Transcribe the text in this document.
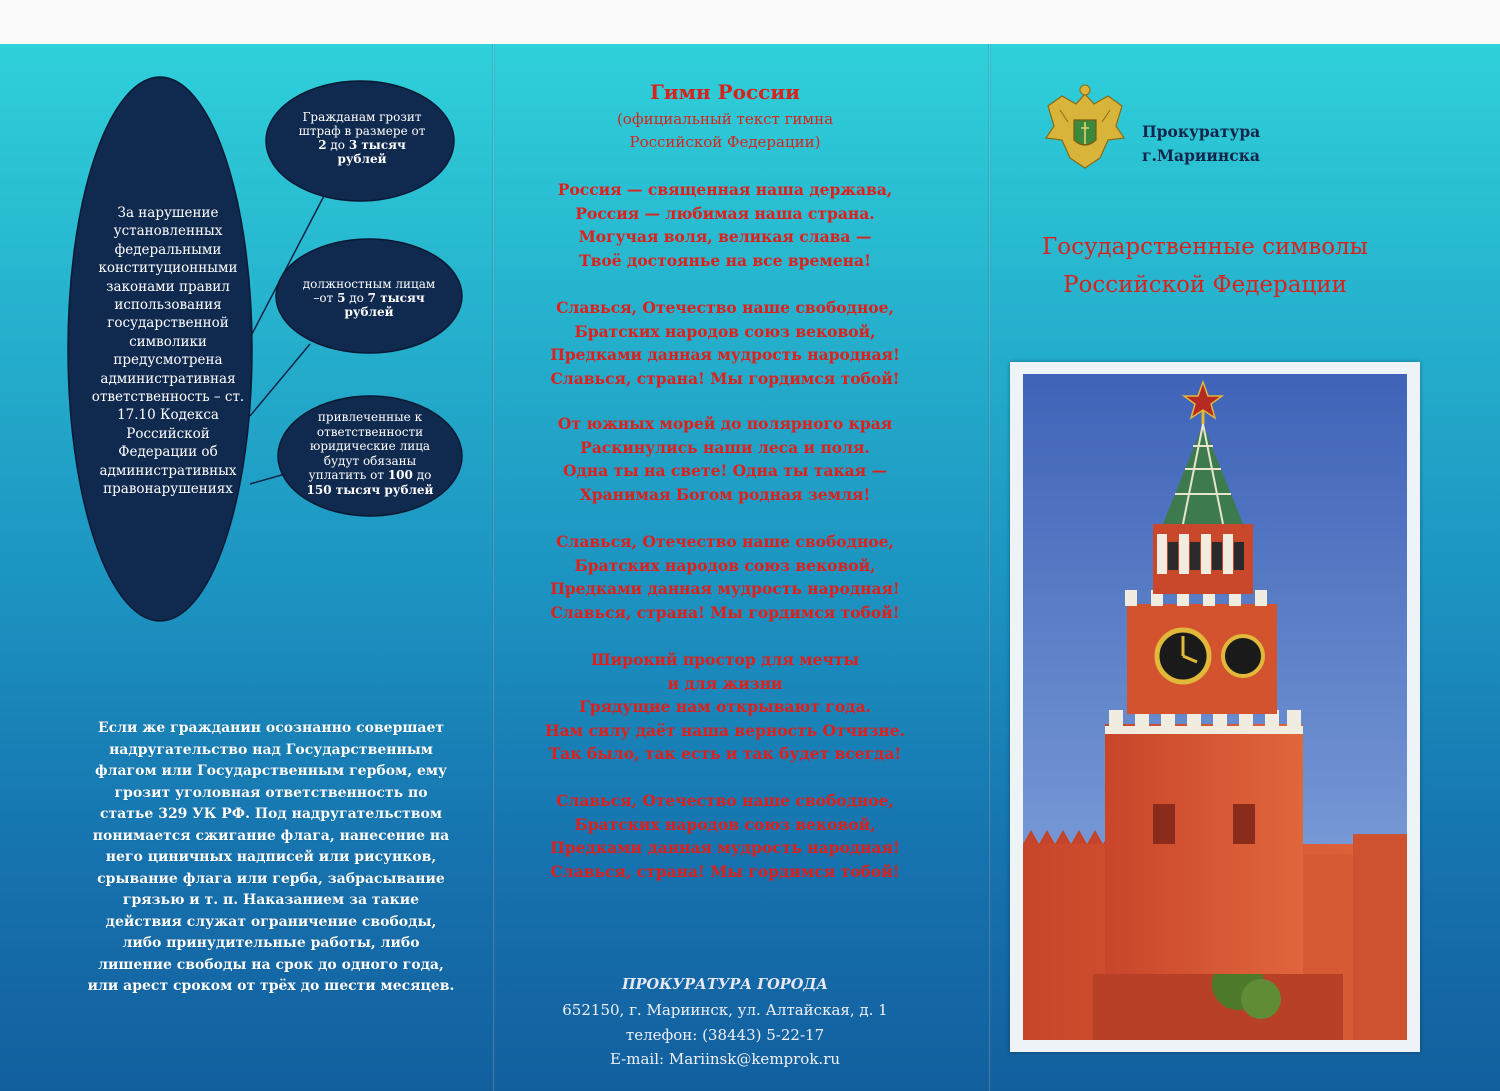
За нарушение установленных федеральными конституционными законами правил использования государственной символики предусмотрена административная ответственность – ст. 17.10 Кодекса Российской Федерации об административных правонарушениях
Гражданам грозит штраф в размере от 2 до 3 тысяч рублей
должностным лицам –от 5 до 7 тысяч рублей
привлеченные к ответственности юридические лица будут обязаны уплатить от 100 до 150 тысяч рублей
Если же гражданин осознанно совершает надругательство над Государственным флагом или Государственным гербом, ему грозит уголовная ответственность по статье 329 УК РФ. Под надругательством понимается сжигание флага, нанесение на него циничных надписей или рисунков, срывание флага или герба, забрасывание грязью и т. п. Наказанием за такие действия служат ограничение свободы, либо принудительные работы, либо лишение свободы на срок до одного года, или арест сроком от трёх до шести месяцев.
Гимн России
(официальный текст гимна
Российской Федерации)
Россия — священная наша держава,
Россия — любимая наша страна.
Могучая воля, великая слава —
Твоё достоянье на все времена!
Славься, Отечество наше свободное,
Братских народов союз вековой,
Предками данная мудрость народная!
Славься, страна! Мы гордимся тобой!
От южных морей до полярного края
Раскинулись наши леса и поля.
Одна ты на свете! Одна ты такая —
Хранимая Богом родная земля!
Славься, Отечество наше свободное,
Братских народов союз вековой,
Предками данная мудрость народная!
Славься, страна! Мы гордимся тобой!
Широкий простор для мечты
и для жизни
Грядущие нам открывают года.
Нам силу даёт наша верность Отчизне.
Так было, так есть и так будет всегда!
Славься, Отечество наше свободное,
Братских народов союз вековой,
Предками данная мудрость народная!
Славься, страна! Мы гордимся тобой!
ПРОКУРАТУРА ГОРОДА
652150, г. Мариинск, ул. Алтайская, д. 1
телефон: (38443) 5-22-17
E-mail: Mariinsk@kemprok.ru
Прокуратура
г.Мариинска
Государственные символы
Российской Федерации
